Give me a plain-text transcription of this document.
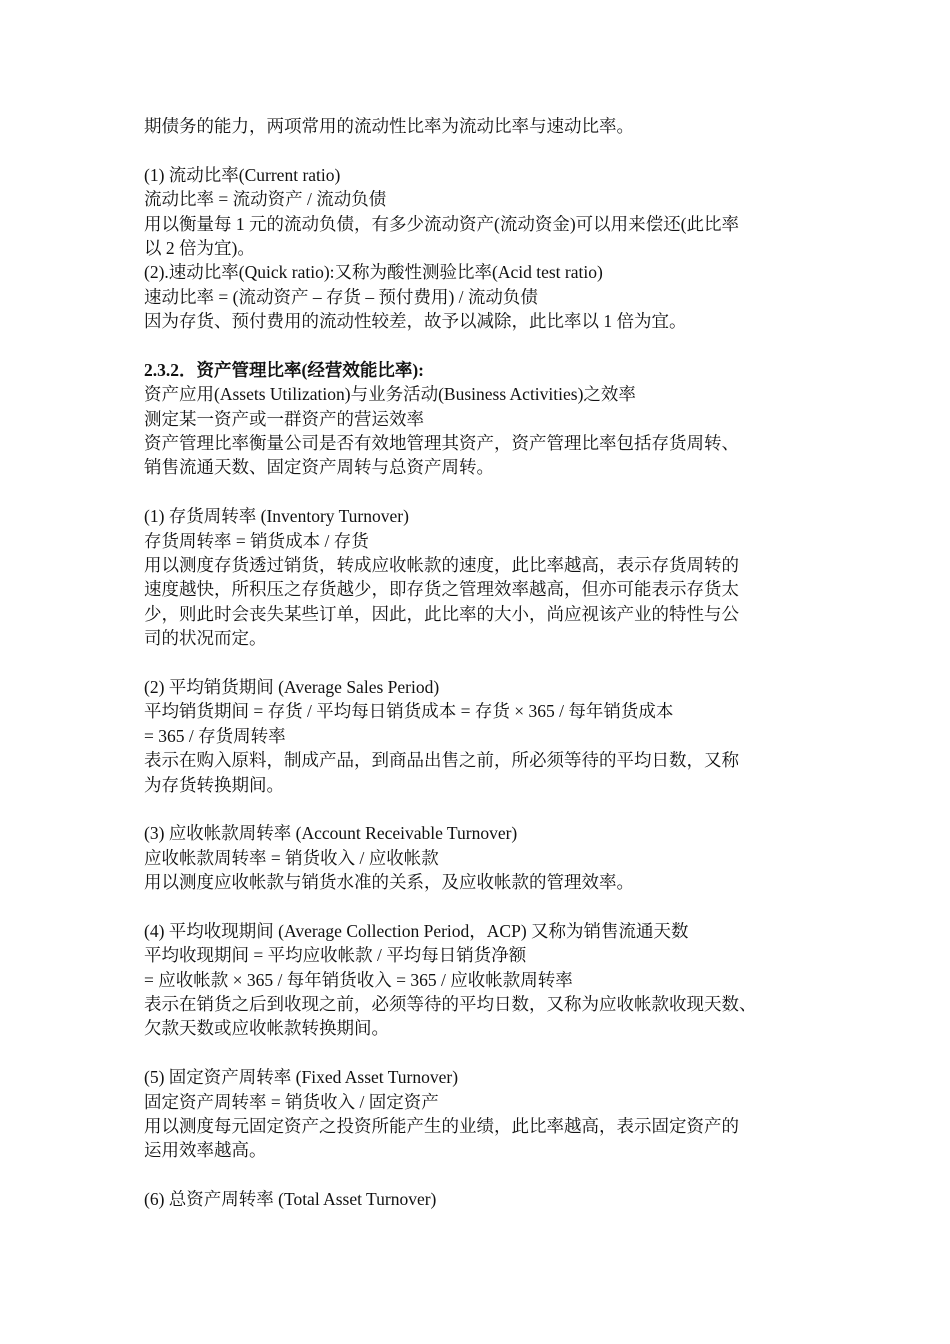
期债务的能力，两项常用的流动性比率为流动比率与速动比率。
(1) 流动比率(Current ratio)
流动比率 = 流动资产 / 流动负债
用以衡量每 1 元的流动负债，有多少流动资产(流动资金)可以用来偿还(此比率
以 2 倍为宜)。
(2).速动比率(Quick ratio):又称为酸性测验比率(Acid test ratio)
速动比率 = (流动资产 – 存货 – 预付费用) / 流动负债
因为存货、预付费用的流动性较差，故予以减除，此比率以 1 倍为宜。
2.3.2．资产管理比率(经营效能比率):
资产应用(Assets Utilization)与业务活动(Business Activities)之效率
测定某一资产或一群资产的营运效率
资产管理比率衡量公司是否有效地管理其资产，资产管理比率包括存货周转、
销售流通天数、固定资产周转与总资产周转。
(1) 存货周转率 (Inventory Turnover)
存货周转率 = 销货成本 / 存货
用以测度存货透过销货，转成应收帐款的速度，此比率越高，表示存货周转的
速度越快，所积压之存货越少，即存货之管理效率越高，但亦可能表示存货太
少，则此时会丧失某些订单，因此，此比率的大小，尚应视该产业的特性与公
司的状况而定。
(2) 平均销货期间 (Average Sales Period)
平均销货期间 = 存货 / 平均每日销货成本 = 存货 × 365 / 每年销货成本
= 365 / 存货周转率
表示在购入原料，制成产品，到商品出售之前，所必须等待的平均日数，又称
为存货转换期间。
(3) 应收帐款周转率 (Account Receivable Turnover)
应收帐款周转率 = 销货收入 / 应收帐款
用以测度应收帐款与销货水准的关系，及应收帐款的管理效率。
(4) 平均收现期间 (Average Collection Period，ACP) 又称为销售流通天数
平均收现期间 = 平均应收帐款 / 平均每日销货净额
= 应收帐款 × 365 / 每年销货收入 = 365 / 应收帐款周转率
表示在销货之后到收现之前，必须等待的平均日数，又称为应收帐款收现天数、
欠款天数或应收帐款转换期间。
(5) 固定资产周转率 (Fixed Asset Turnover)
固定资产周转率 = 销货收入 / 固定资产
用以测度每元固定资产之投资所能产生的业绩，此比率越高，表示固定资产的
运用效率越高。
(6) 总资产周转率 (Total Asset Turnover)
